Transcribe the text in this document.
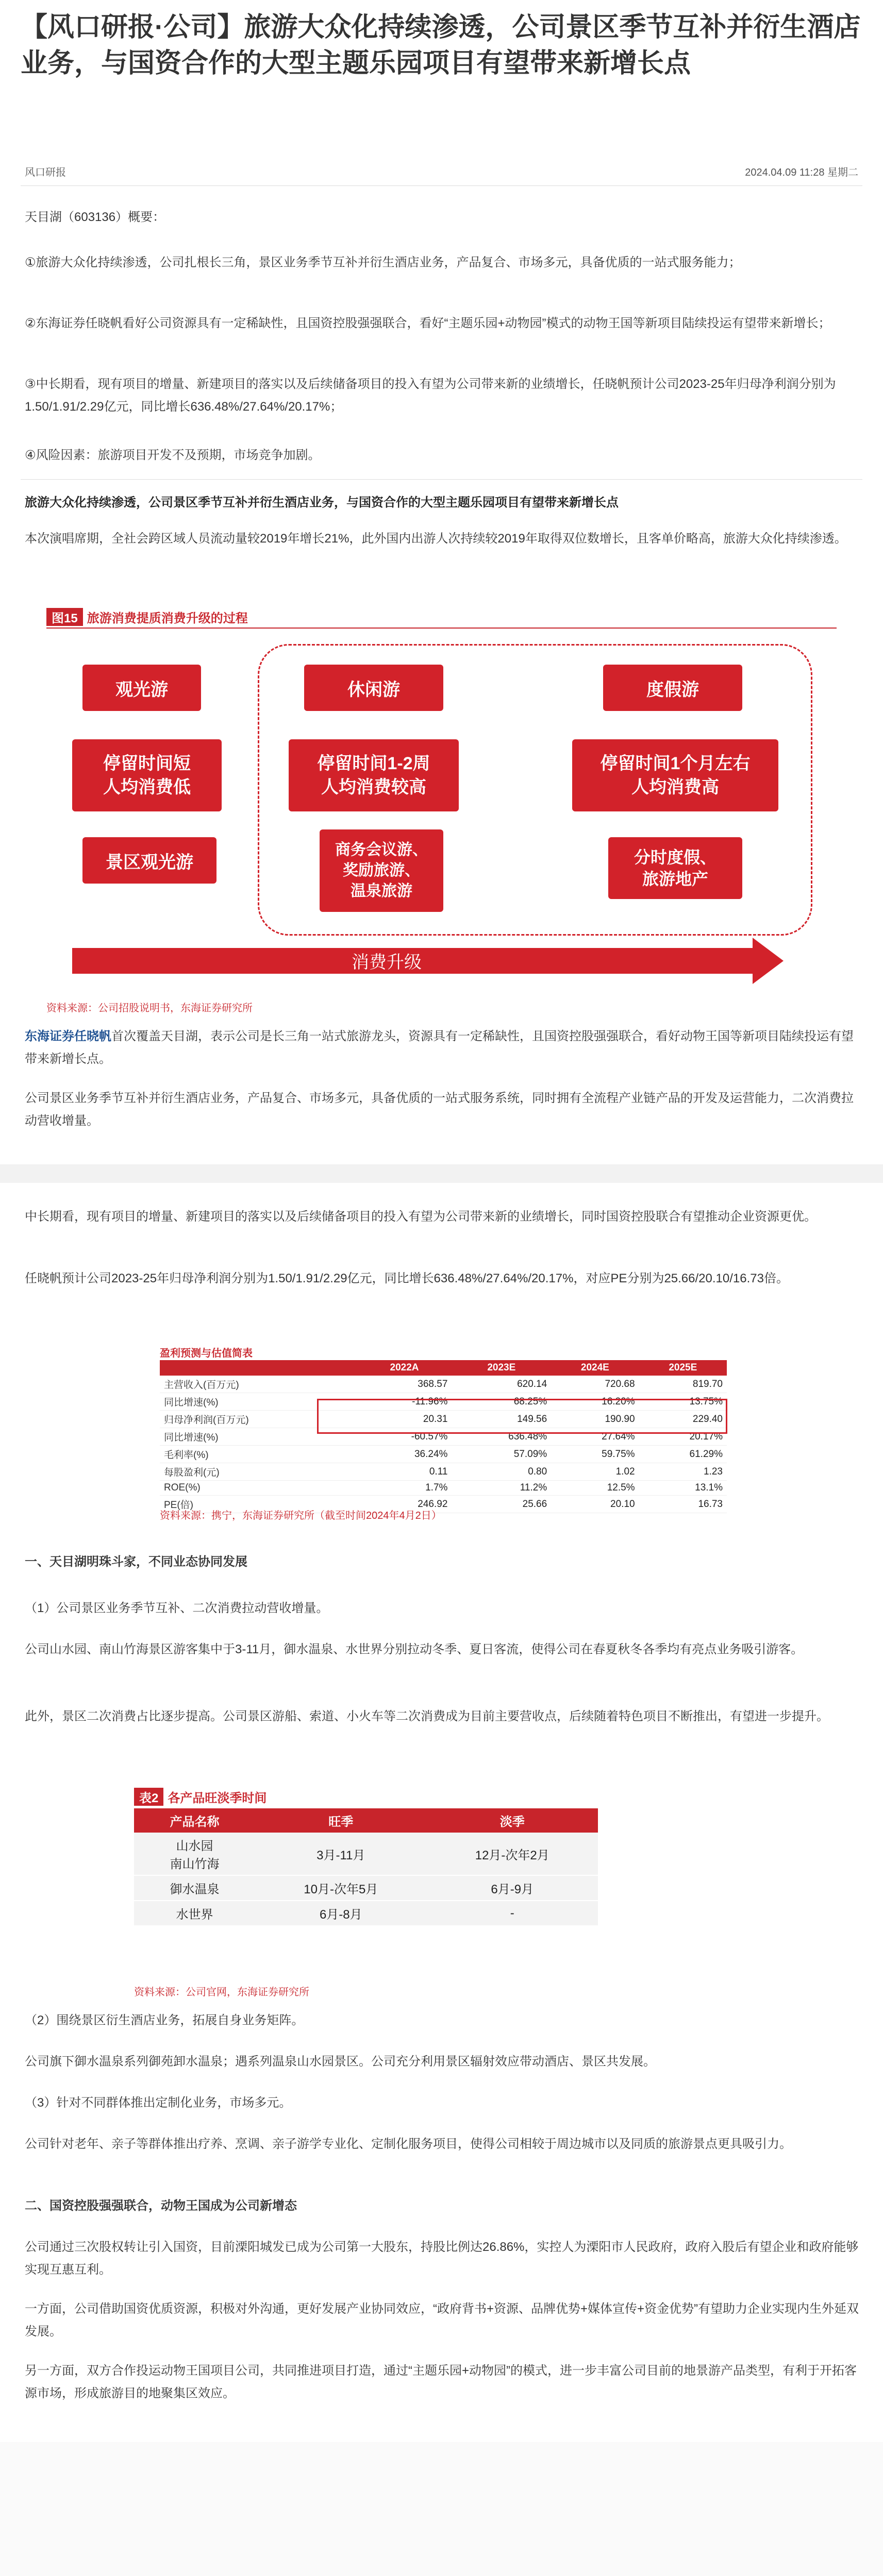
【风口研报·公司】旅游大众化持续渗透，公司景区季节互补并衍生酒店业务，与国资合作的大型主题乐园项目有望带来新增长点
风口研报	2024.04.09 11:28 星期二
天目湖（603136）概要：
①旅游大众化持续渗透，公司扎根长三角，景区业务季节互补并衍生酒店业务，产品复合、市场多元，具备优质的一站式服务能力；
②东海证券任晓帆看好公司资源具有一定稀缺性，且国资控股强强联合，看好“主题乐园+动物园”模式的动物王国等新项目陆续投运有望带来新增长；
③中长期看，现有项目的增量、新建项目的落实以及后续储备项目的投入有望为公司带来新的业绩增长，任晓帆预计公司2023-25年归母净利润分别为1.50/1.91/2.29亿元，同比增长636.48%/27.64%/20.17%；
④风险因素：旅游项目开发不及预期，市场竞争加剧。
旅游大众化持续渗透，公司景区季节互补并衍生酒店业务，与国资合作的大型主题乐园项目有望带来新增长点
本次演唱席期，全社会跨区域人员流动量较2019年增长21%，此外国内出游人次持续较2019年取得双位数增长，且客单价略高，旅游大众化持续渗透。
图15 旅游消费提质消费升级的过程
观光游	休闲游	度假游
停留时间短
人均消费低
停留时间1-2周
人均消费较高
停留时间1个月左右
人均消费高
景区观光游
商务会议游、
奖励旅游、
温泉旅游
分时度假、
旅游地产
消费升级
资料来源：公司招股说明书，东海证券研究所
东海证券任晓帆首次覆盖天目湖，表示公司是长三角一站式旅游龙头，资源具有一定稀缺性，且国资控股强强联合，看好动物王国等新项目陆续投运有望带来新增长点。
公司景区业务季节互补并衍生酒店业务，产品复合、市场多元，具备优质的一站式服务系统，同时拥有全流程产业链产品的开发及运营能力，二次消费拉动营收增量。
中长期看，现有项目的增量、新建项目的落实以及后续储备项目的投入有望为公司带来新的业绩增长，同时国资控股联合有望推动企业资源更优。
任晓帆预计公司2023-25年归母净利润分别为1.50/1.91/2.29亿元，同比增长636.48%/27.64%/20.17%，对应PE分别为25.66/20.10/16.73倍。
盈利预测与估值简表
	2022A	2023E	2024E	2025E
主营收入(百万元)	368.57	620.14	720.68	819.70
同比增速(%)	-11.96%	68.25%	16.20%	13.75%
归母净利润(百万元)	20.31	149.56	190.90	229.40
同比增速(%)	-60.57%	636.48%	27.64%	20.17%
毛利率(%)	36.24%	57.09%	59.75%	61.29%
每股盈利(元)	0.11	0.80	1.02	1.23
ROE(%)	1.7%	11.2%	12.5%	13.1%
PE(倍)	246.92	25.66	20.10	16.73
资料来源：携宁，东海证券研究所（截至时间2024年4月2日）
一、天目湖明珠斗家，不同业态协同发展
（1）公司景区业务季节互补、二次消费拉动营收增量。
公司山水园、南山竹海景区游客集中于3-11月，御水温泉、水世界分别拉动冬季、夏日客流，使得公司在春夏秋冬各季均有亮点业务吸引游客。
此外，景区二次消费占比逐步提高。公司景区游船、索道、小火车等二次消费成为目前主要营收点，后续随着特色项目不断推出，有望进一步提升。
表2 各产品旺淡季时间
产品名称	旺季	淡季
山水园
南山竹海	3月-11月	12月-次年2月
御水温泉	10月-次年5月	6月-9月
水世界	6月-8月	-
资料来源：公司官网，东海证券研究所
（2）围绕景区衍生酒店业务，拓展自身业务矩阵。
公司旗下御水温泉系列御苑卸水温泉；遇系列温泉山水园景区。公司充分利用景区辐射效应带动酒店、景区共发展。
（3）针对不同群体推出定制化业务，市场多元。
公司针对老年、亲子等群体推出疗养、烹调、亲子游学专业化、定制化服务项目，使得公司相较于周边城市以及同质的旅游景点更具吸引力。
二、国资控股强强联合，动物王国成为公司新增态
公司通过三次股权转让引入国资，目前溧阳城发已成为公司第一大股东，持股比例达26.86%，实控人为溧阳市人民政府，政府入股后有望企业和政府能够实现互惠互利。
一方面，公司借助国资优质资源，积极对外沟通，更好发展产业协同效应，“政府背书+资源、品牌优势+媒体宣传+资金优势”有望助力企业实现内生外延双发展。
另一方面，双方合作投运动物王国项目公司，共同推进项目打造，通过“主题乐园+动物园”的模式，进一步丰富公司目前的地景游产品类型，有利于开拓客源市场，形成旅游目的地聚集区效应。
